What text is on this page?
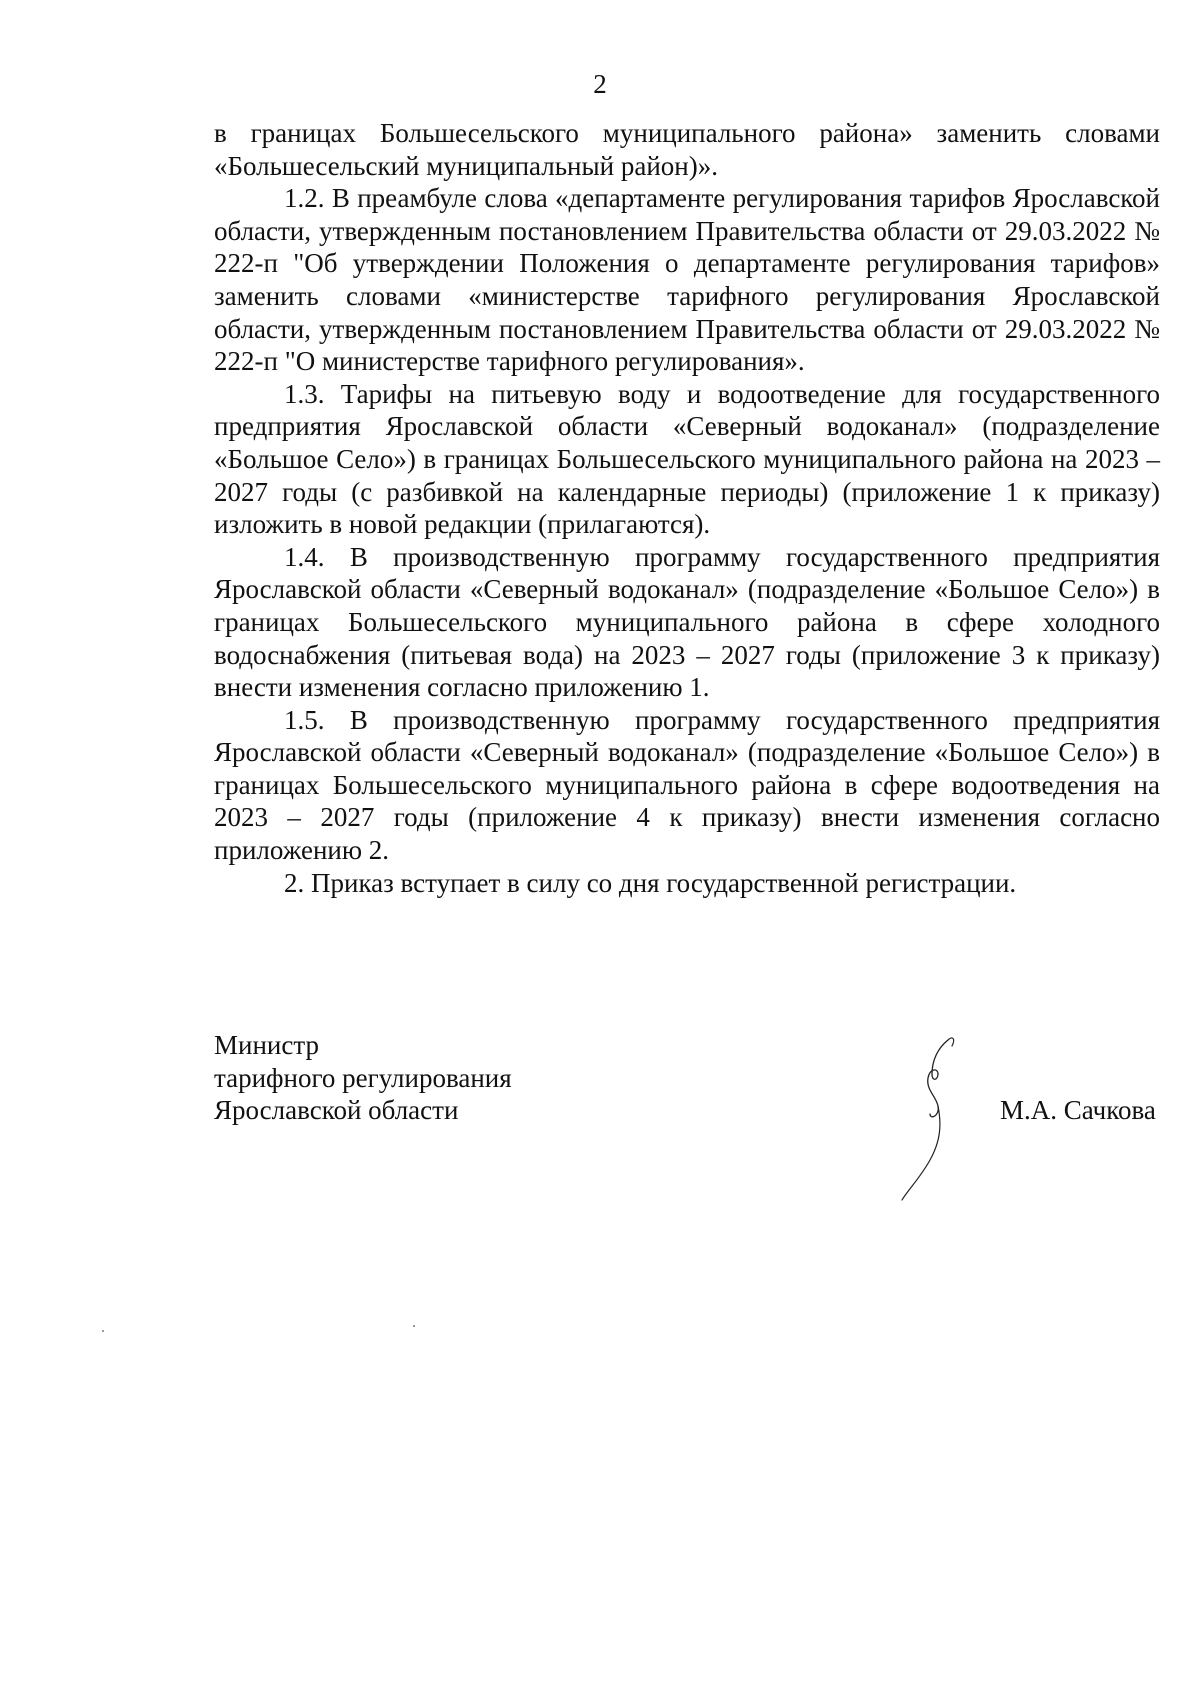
2

в границах Большесельского муниципального района» заменить словами «Большесельский муниципальный район)».

1.2. В преамбуле слова «департаменте регулирования тарифов Ярославской области, утвержденным постановлением Правительства области от 29.03.2022 № 222-п "Об утверждении Положения о департаменте регулирования тарифов» заменить словами «министерстве тарифного регулирования Ярославской области, утвержденным постановлением Правительства области от 29.03.2022 № 222-п "О министерстве тарифного регулирования».

1.3. Тарифы на питьевую воду и водоотведение для государственного предприятия Ярославской области «Северный водоканал» (подразделение «Большое Село») в границах Большесельского муниципального района на 2023 – 2027 годы (с разбивкой на календарные периоды) (приложение 1 к приказу) изложить в новой редакции (прилагаются).

1.4. В производственную программу государственного предприятия Ярославской области «Северный водоканал» (подразделение «Большое Село») в границах Большесельского муниципального района в сфере холодного водоснабжения (питьевая вода) на 2023 – 2027 годы (приложение 3 к приказу) внести изменения согласно приложению 1.

1.5. В производственную программу государственного предприятия Ярославской области «Северный водоканал» (подразделение «Большое Село») в границах Большесельского муниципального района в сфере водоотведения на 2023 – 2027 годы (приложение 4 к приказу) внести изменения согласно приложению 2.

2. Приказ вступает в силу со дня государственной регистрации.

Министр
тарифного регулирования
Ярославской области	М.А. Сачкова
